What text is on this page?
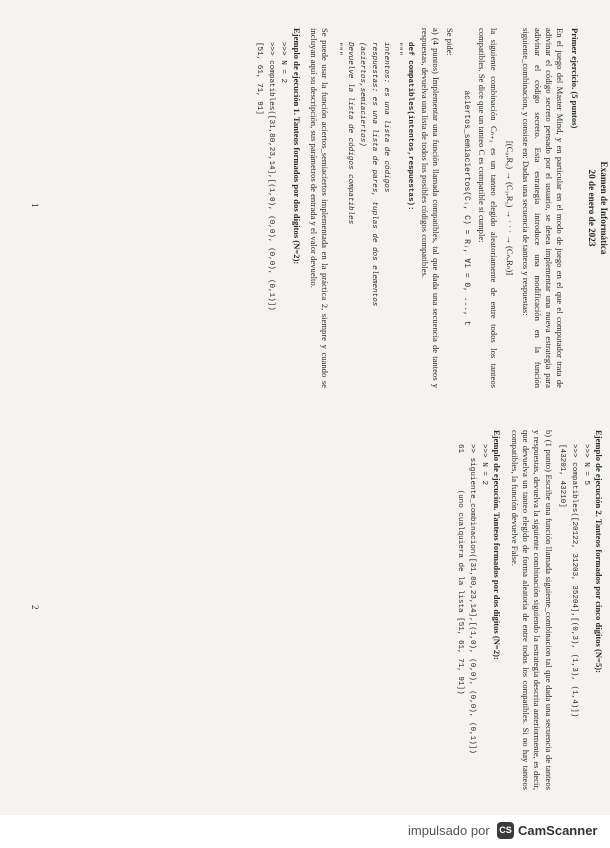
Examen de Informática
20 de enero de 2023
Primer ejercicio. (5 puntos)

En el juego del Master Mind, y en particular en el modo de juego en el que el computador trata de adivinar el código secreto pensado por el usuario, se desea implementar una nueva estrategia para adivinar el código secreto. Esta estrategia introduce una modificación en la función siguiente_combinacion, y consiste en: Dadas una secuencia de tanteos y respuestas:

[(C₀,R₀) → (C₁,R₁) → · · · → (Cₙ,Rₙ)]

la siguiente combinación Cₙ₊₁ es un tanteo elegido aleatoriamente de entre todos los tanteos compatibles. Se dice que un tanteo C es compatible si cumple:

aciertos_semiaciertos(Cᵢ, C) = Rᵢ, ∀i = 0, ..., t

Se pide:

a) (4 puntos) Implementar una función llamada compatibles, tal que dada una secuencia de tanteos y respuestas, devuelva una lista de todos los posibles códigos compatibles.

def compatibles(intentos,respuestas):
"""
intentos: es una lista de códigos
respuestas: es una lista de pares, tuplas de dos elementos
(aciertos,semiaciertos)
Devuelve la lista de códigos compatibles
"""

Se puede usar la función aciertos_semiaciertos implementada en la práctica 2, siempre y cuando se incluyan aquí su descripción, sus parámetros de entrada y el valor devuelto.

Ejemplo de ejecución 1. Tanteos formados por dos dígitos (N=2):
>>> N = 2
>>> compatibles([31,80,23,14],[(1,0), (0,0), (0,0), (0,1)])
[51, 61, 71, 91]
1
Ejemplo de ejecución 2. Tanteos formados por cinco dígitos (N=5):
>>> N = 5
>>> compatibles([20122, 31203, 35204],[(0,3), (1,3), (1,4)])
[43201, 43210]

b) (1 punto) Escribe una función llamada siguiente_combinacion tal que dada una secuencia de tanteos y respuestas, devuelva la siguiente combinación siguiendo la estrategia descrita anteriormente, es decir, que devuelva un tanteo elegido de forma aleatoria de entre todos los compatibles. Si no hay tanteos compatibles, la función devuelve False.

Ejemplo de ejecución. Tanteos formados por dos dígitos (N=2):
>>> N = 2
>> siguiente_combinacion([31,80,23,14],[(1,0), (0,0), (0,0), (0,1)])
61        (uno cualquiera de la lista [51, 61, 71, 91])
2
impulsado por CS CamScanner
